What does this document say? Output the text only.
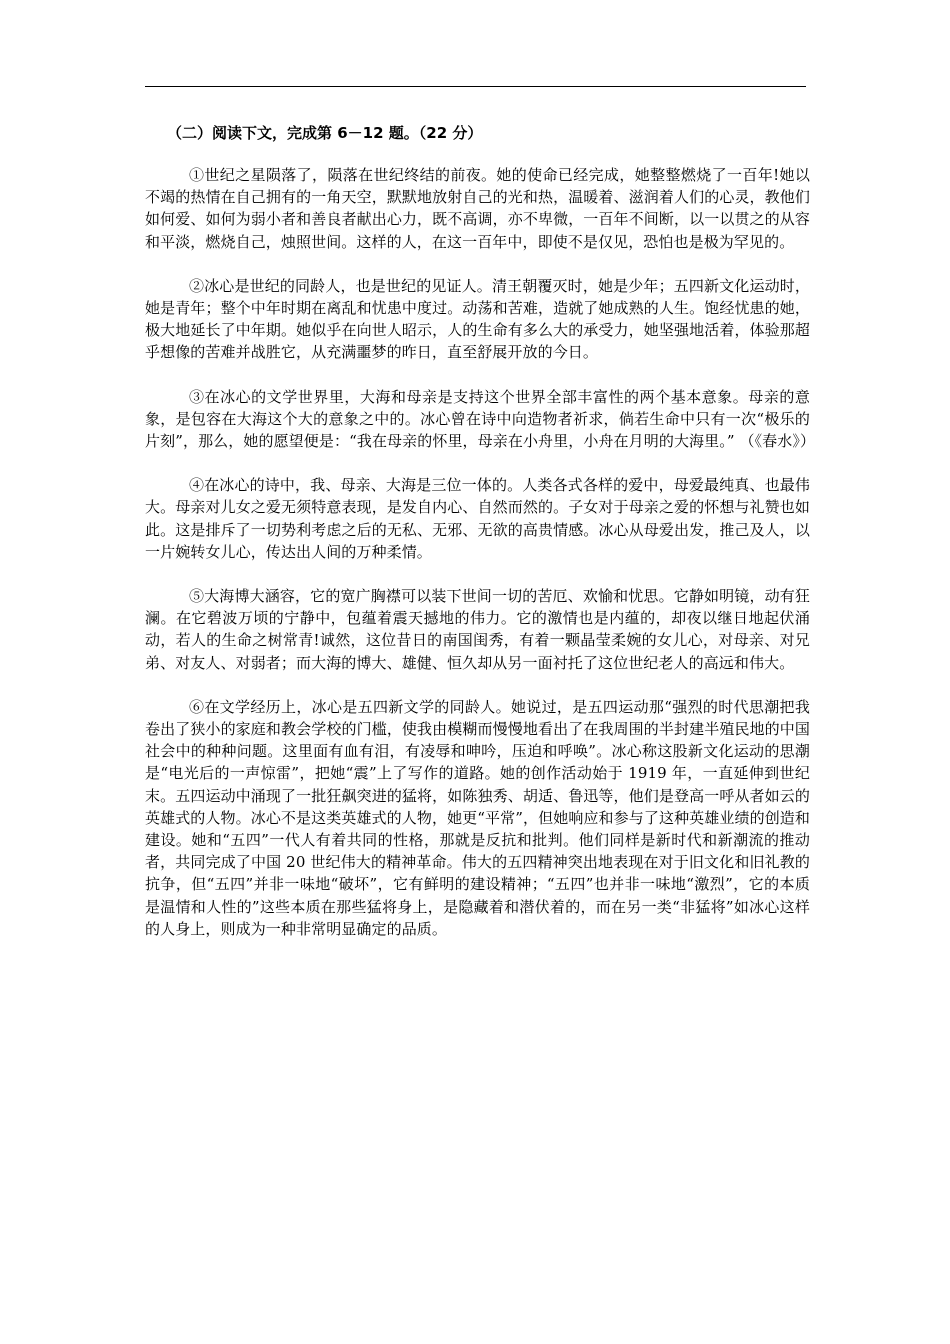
（二）阅读下文，完成第 6－12 题。（22 分）

①世纪之星陨落了，陨落在世纪终结的前夜。她的使命已经完成，她整整燃烧了一百年!她以不竭的热情在自己拥有的一角天空，默默地放射自己的光和热，温暖着、滋润着人们的心灵，教他们如何爱、如何为弱小者和善良者献出心力，既不高调，亦不卑微，一百年不间断，以一以贯之的从容和平淡，燃烧自己，烛照世间。这样的人，在这一百年中，即使不是仅见，恐怕也是极为罕见的。

②冰心是世纪的同龄人，也是世纪的见证人。清王朝覆灭时，她是少年；五四新文化运动时，她是青年；整个中年时期在离乱和忧患中度过。动荡和苦难，造就了她成熟的人生。饱经忧患的她，极大地延长了中年期。她似乎在向世人昭示，人的生命有多么大的承受力，她坚强地活着，体验那超乎想像的苦难并战胜它，从充满噩梦的昨日，直至舒展开放的今日。

③在冰心的文学世界里，大海和母亲是支持这个世界全部丰富性的两个基本意象。母亲的意象，是包容在大海这个大的意象之中的。冰心曾在诗中向造物者祈求，倘若生命中只有一次“极乐的片刻”，那么，她的愿望便是：“我在母亲的怀里，母亲在小舟里，小舟在月明的大海里。” （《春水》）

④在冰心的诗中，我、母亲、大海是三位一体的。人类各式各样的爱中，母爱最纯真、也最伟大。母亲对儿女之爱无须特意表现，是发自内心、自然而然的。子女对于母亲之爱的怀想与礼赞也如此。这是排斥了一切势利考虑之后的无私、无邪、无欲的高贵情感。冰心从母爱出发，推己及人，以一片婉转女儿心，传达出人间的万种柔情。

⑤大海博大涵容，它的宽广胸襟可以装下世间一切的苦厄、欢愉和忧思。它静如明镜，动有狂澜。在它碧波万顷的宁静中，包蕴着震天撼地的伟力。它的激情也是内蕴的，却夜以继日地起伏涌动，若人的生命之树常青!诚然，这位昔日的南国闺秀，有着一颗晶莹柔婉的女儿心，对母亲、对兄弟、对友人、对弱者；而大海的博大、雄健、恒久却从另一面衬托了这位世纪老人的高远和伟大。

⑥在文学经历上，冰心是五四新文学的同龄人。她说过，是五四运动那“强烈的时代思潮把我卷出了狭小的家庭和教会学校的门槛，使我由模糊而慢慢地看出了在我周围的半封建半殖民地的中国社会中的种种问题。这里面有血有泪，有凌辱和呻吟，压迫和呼唤”。冰心称这股新文化运动的思潮是“电光后的一声惊雷”，把她“震”上了写作的道路。她的创作活动始于 1919 年，一直延伸到世纪末。五四运动中涌现了一批狂飙突进的猛将，如陈独秀、胡适、鲁迅等，他们是登高一呼从者如云的英雄式的人物。冰心不是这类英雄式的人物，她更“平常”，但她响应和参与了这种英雄业绩的创造和建设。她和“五四”一代人有着共同的性格，那就是反抗和批判。他们同样是新时代和新潮流的推动者，共同完成了中国 20 世纪伟大的精神革命。伟大的五四精神突出地表现在对于旧文化和旧礼教的抗争，但“五四”并非一味地“破坏”，它有鲜明的建设精神；“五四”也并非一味地“激烈”，它的本质是温情和人性的”这些本质在那些猛将身上，是隐藏着和潜伏着的，而在另一类“非猛将”如冰心这样的人身上，则成为一种非常明显确定的品质。
